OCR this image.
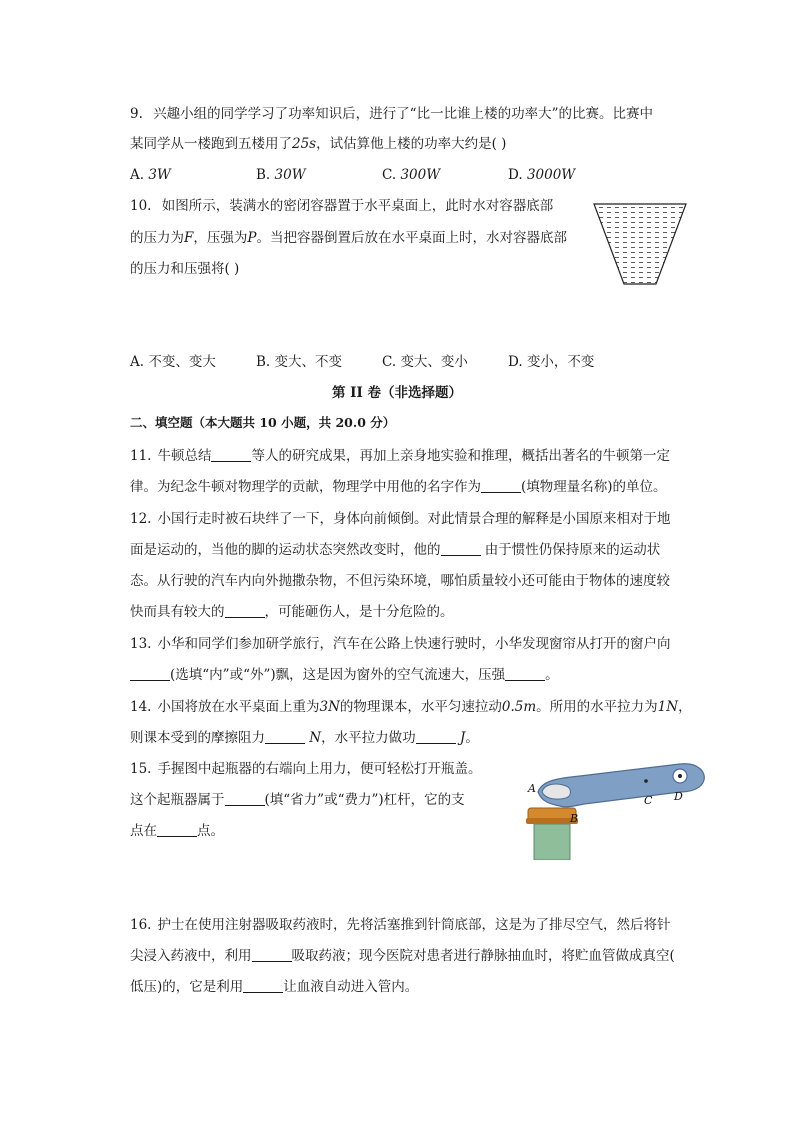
9. 兴趣小组的同学学习了功率知识后，进行了“比一比谁上楼的功率大”的比赛。比赛中
某同学从一楼跑到五楼用了25s，试估算他上楼的功率大约是( )
A. 3W	B. 30W	C. 300W	D. 3000W
10. 如图所示，装满水的密闭容器置于水平桌面上，此时水对容器底部
的压力为F，压强为P。当把容器倒置后放在水平桌面上时，水对容器底部
的压力和压强将( )
A. 不变、变大	B. 变大、不变	C. 变大、变小	D. 变小，不变
第 II 卷（非选择题）
二、填空题（本大题共 10 小题，共 20.0 分）
11. 牛顿总结	等人的研究成果，再加上亲身地实验和推理，概括出著名的牛顿第一定
律。为纪念牛顿对物理学的贡献，物理学中用他的名字作为	(填物理量名称)的单位。
12. 小国行走时被石块绊了一下，身体向前倾倒。对此情景合理的解释是小国原来相对于地
面是运动的，当他的脚的运动状态突然改变时，他的	由于惯性仍保持原来的运动状
态。从行驶的汽车内向外抛撒杂物，不但污染环境，哪怕质量较小还可能由于物体的速度较
快而具有较大的	，可能砸伤人，是十分危险的。
13. 小华和同学们参加研学旅行，汽车在公路上快速行驶时，小华发现窗帘从打开的窗户向
(选填“内”或“外”)飘，这是因为窗外的空气流速大，压强	。
14. 小国将放在水平桌面上重为3N的物理课本，水平匀速拉动0.5m。所用的水平拉力为1N，
则课本受到的摩擦阻力	N，水平拉力做功	J。
15. 手握图中起瓶器的右端向上用力，便可轻松打开瓶盖。
这个起瓶器属于	(填“省力”或“费力”)杠杆，它的支
点在	点。
A
B
C D
16. 护士在使用注射器吸取药液时，先将活塞推到针筒底部，这是为了排尽空气，然后将针
尖浸入药液中，利用	吸取药液；现今医院对患者进行静脉抽血时，将贮血管做成真空(
低压)的，它是利用	让血液自动进入管内。
